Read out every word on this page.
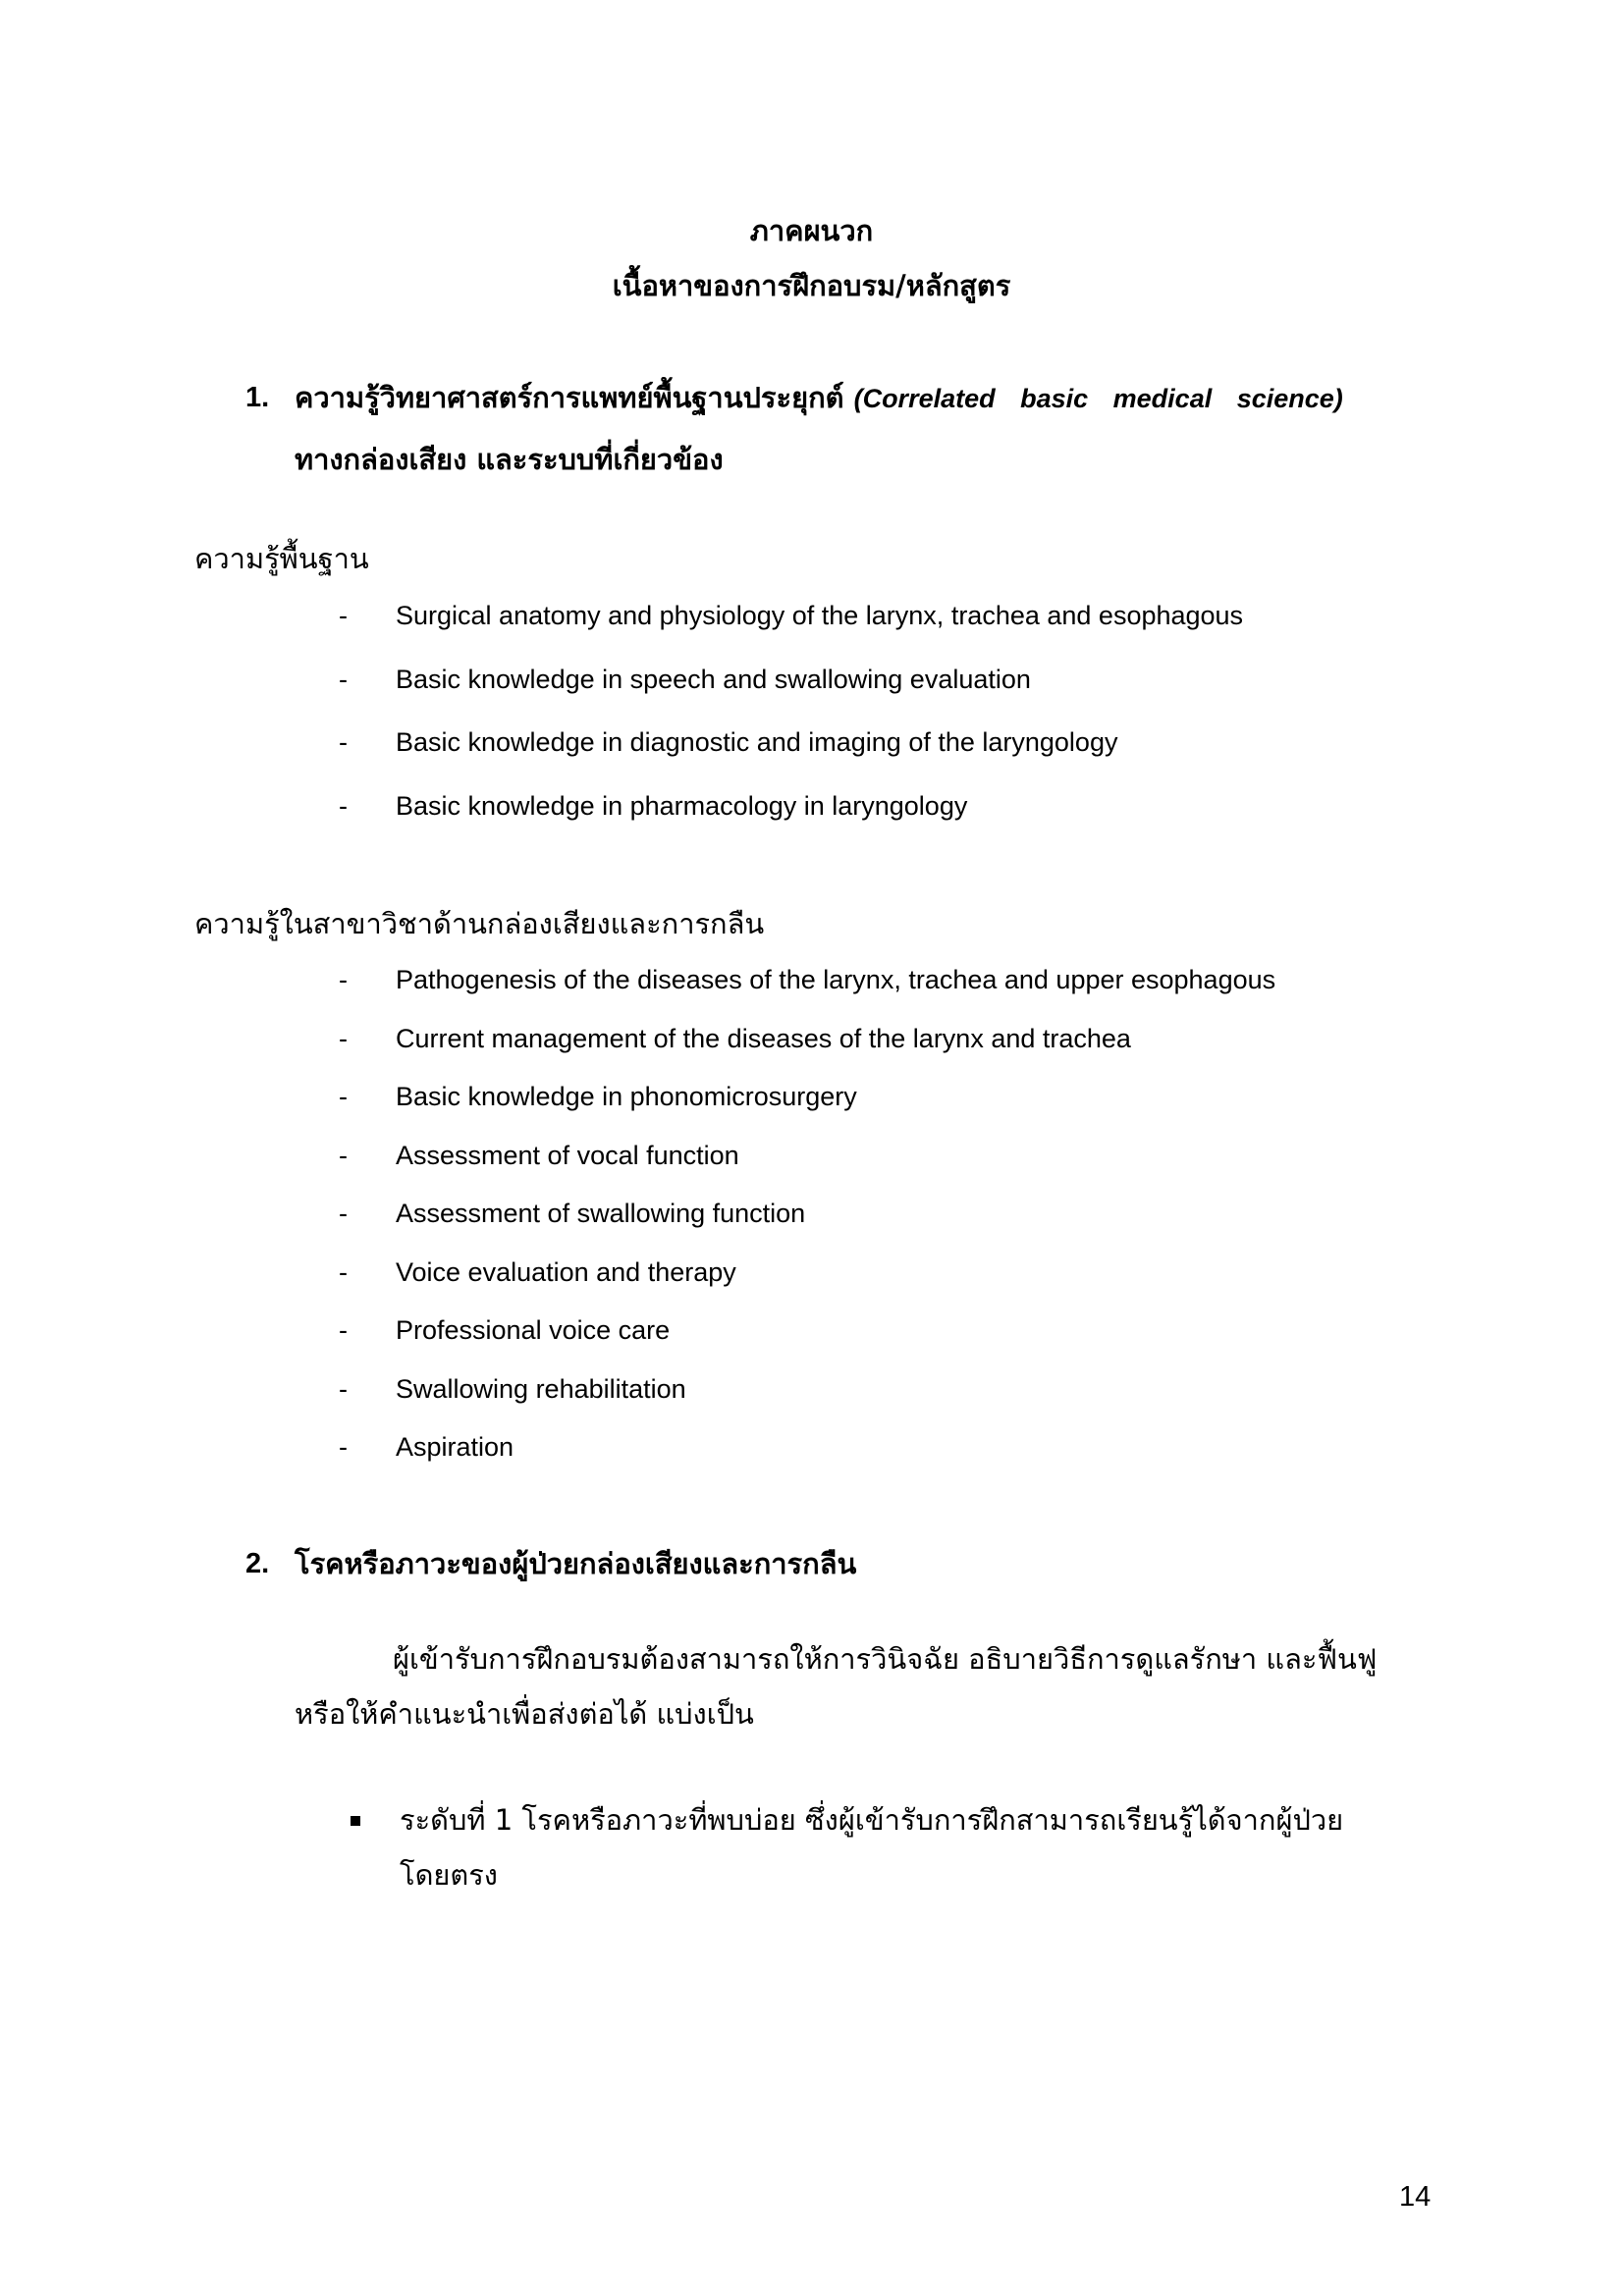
ภาคผนวก
เนื้อหาของการฝึกอบรม/หลักสูตร
1. ความรู้วิทยาศาสตร์การแพทย์พื้นฐานประยุกต์ (Correlated basic medical science)
ทางกล่องเสียง และระบบที่เกี่ยวข้อง
ความรู้พื้นฐาน
- Surgical anatomy and physiology of the larynx, trachea and esophagous
- Basic knowledge in speech and swallowing evaluation
- Basic knowledge in diagnostic and imaging of the laryngology
- Basic knowledge in pharmacology in laryngology
ความรู้ในสาขาวิชาด้านกล่องเสียงและการกลืน
- Pathogenesis of the diseases of the larynx, trachea and upper esophagous
- Current management of the diseases of the larynx and trachea
- Basic knowledge in phonomicrosurgery
- Assessment of vocal function
- Assessment of swallowing function
- Voice evaluation and therapy
- Professional voice care
- Swallowing rehabilitation
- Aspiration
2. โรคหรือภาวะของผู้ป่วยกล่องเสียงและการกลืน
ผู้เข้ารับการฝึกอบรมต้องสามารถให้การวินิจฉัย อธิบายวิธีการดูแลรักษา และฟื้นฟูหรือให้คำแนะนำเพื่อส่งต่อได้ แบ่งเป็น
ระดับที่ 1 โรคหรือภาวะที่พบบ่อย ซึ่งผู้เข้ารับการฝึกสามารถเรียนรู้ได้จากผู้ป่วยโดยตรง
14
